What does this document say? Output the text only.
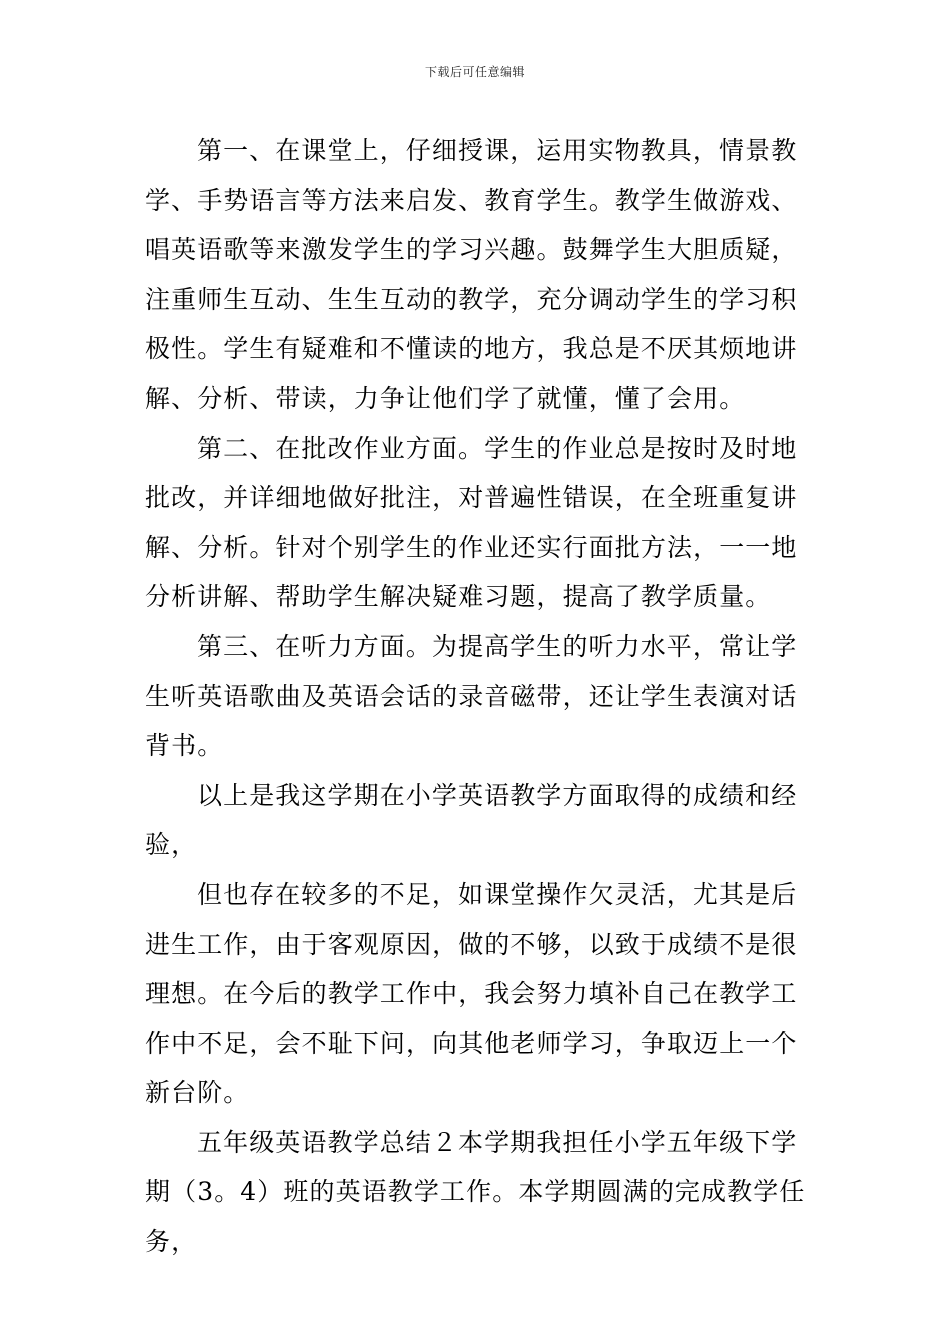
下载后可任意编辑

第一、在课堂上，仔细授课，运用实物教具，情景教学、手势语言等方法来启发、教育学生。教学生做游戏、唱英语歌等来激发学生的学习兴趣。鼓舞学生大胆质疑，注重师生互动、生生互动的教学，充分调动学生的学习积极性。学生有疑难和不懂读的地方，我总是不厌其烦地讲解、分析、带读，力争让他们学了就懂，懂了会用。

第二、在批改作业方面。学生的作业总是按时及时地批改，并详细地做好批注，对普遍性错误，在全班重复讲解、分析。针对个别学生的作业还实行面批方法，一一地分析讲解、帮助学生解决疑难习题，提高了教学质量。

第三、在听力方面。为提高学生的听力水平，常让学生听英语歌曲及英语会话的录音磁带，还让学生表演对话背书。

以上是我这学期在小学英语教学方面取得的成绩和经验，

但也存在较多的不足，如课堂操作欠灵活，尤其是后进生工作，由于客观原因，做的不够，以致于成绩不是很理想。在今后的教学工作中，我会努力填补自己在教学工作中不足，会不耻下问，向其他老师学习，争取迈上一个新台阶。

五年级英语教学总结２本学期我担任小学五年级下学期（3。4）班的英语教学工作。本学期圆满的完成教学任务，
